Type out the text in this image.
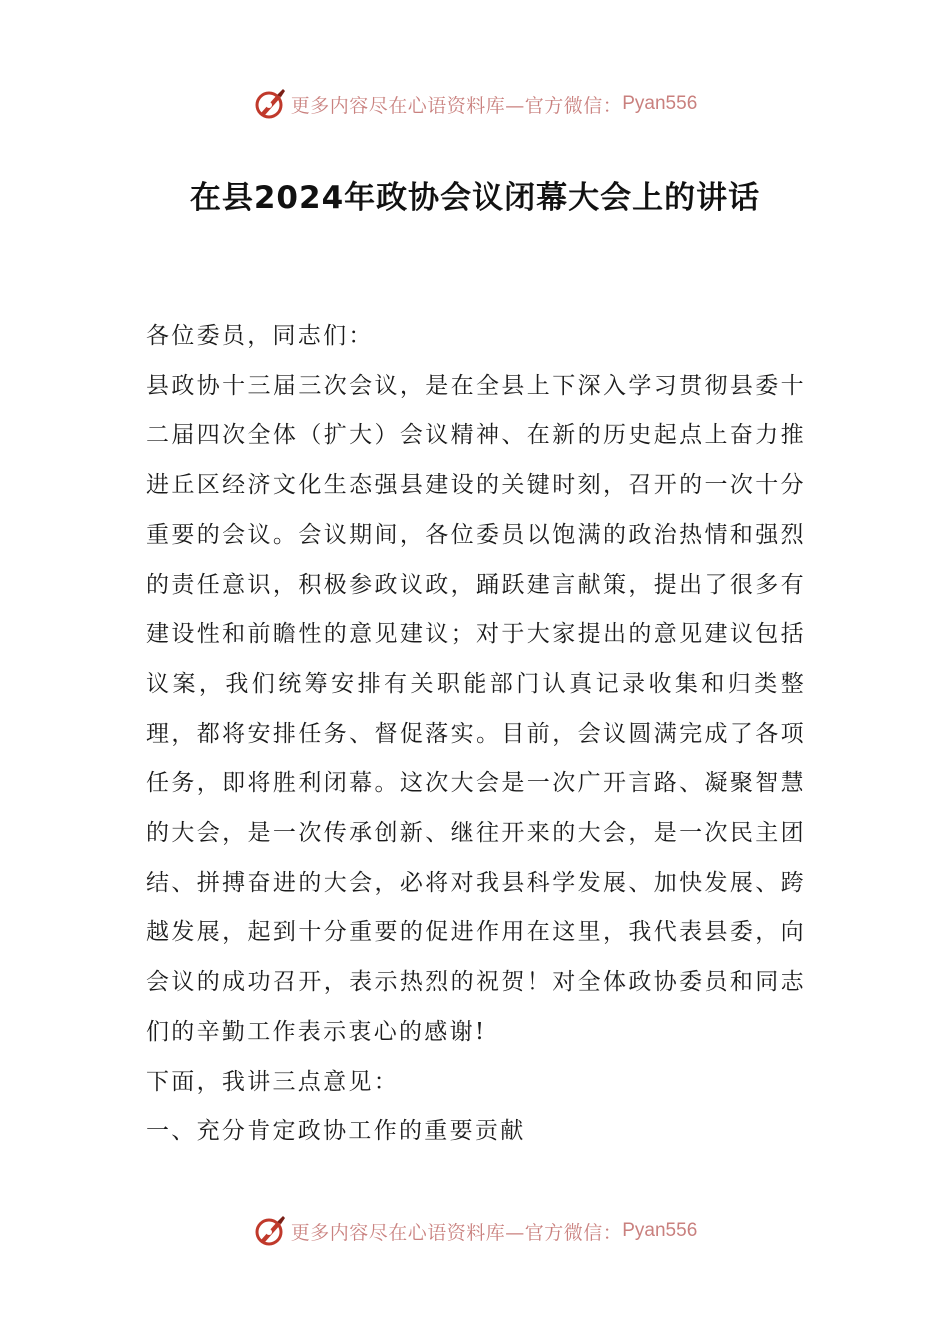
更多内容尽在心语资料库—官方微信： Pyan556
在县2024年政协会议闭幕大会上的讲话

各位委员，同志们：

县政协十三届三次会议，是在全县上下深入学习贯彻县委十二届四次全体（扩大）会议精神、在新的历史起点上奋力推进丘区经济文化生态强县建设的关键时刻，召开的一次十分重要的会议。会议期间，各位委员以饱满的政治热情和强烈的责任意识，积极参政议政，踊跃建言献策，提出了很多有建设性和前瞻性的意见建议；对于大家提出的意见建议包括议案，我们统筹安排有关职能部门认真记录收集和归类整理，都将安排任务、督促落实。目前，会议圆满完成了各项任务，即将胜利闭幕。这次大会是一次广开言路、凝聚智慧的大会，是一次传承创新、继往开来的大会，是一次民主团结、拼搏奋进的大会，必将对我县科学发展、加快发展、跨越发展，起到十分重要的促进作用在这里，我代表县委，向会议的成功召开，表示热烈的祝贺！对全体政协委员和同志们的辛勤工作表示衷心的感谢!

下面，我讲三点意见：

一、充分肯定政协工作的重要贡献

更多内容尽在心语资料库—官方微信： Pyan556
